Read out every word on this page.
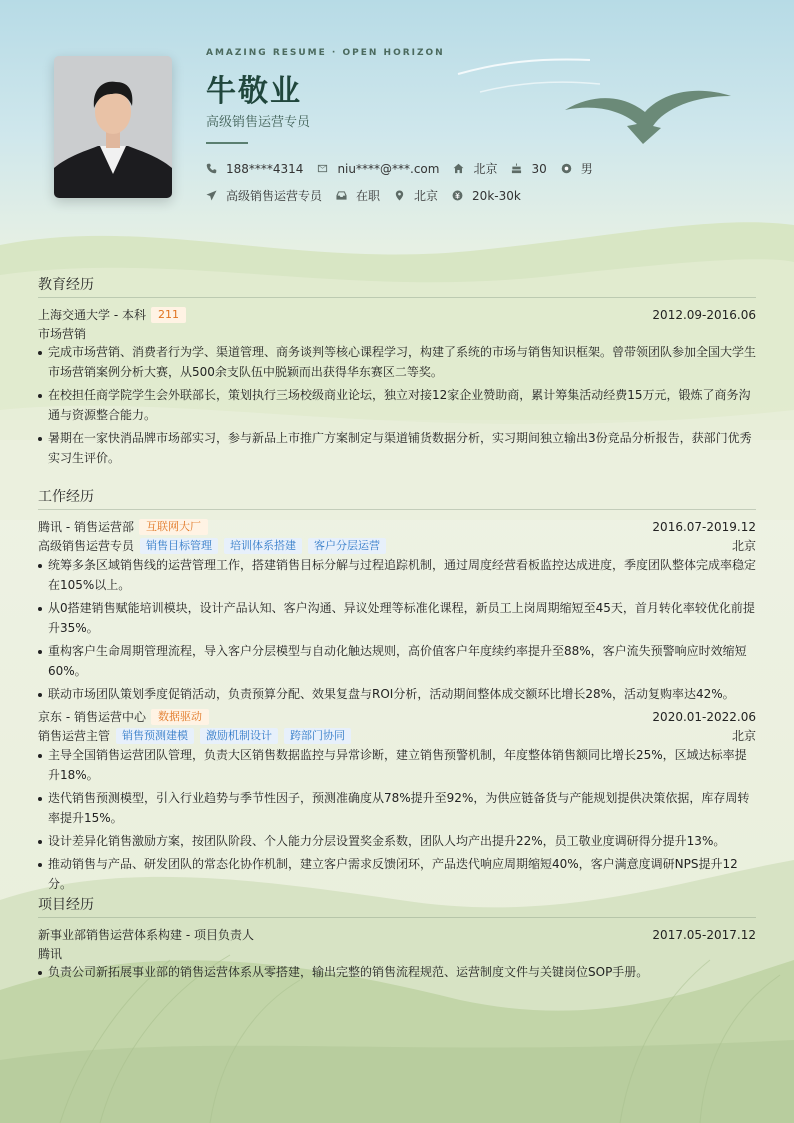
AMAZING RESUME · OPEN HORIZON
牛敬业
高级销售运营专员
188****4314	niu****@***.com	北京	30	男
高级销售运营专员	在职	北京	20k-30k
教育经历
上海交通大学 - 本科	211	2012.09-2016.06
市场营销
完成市场营销、消费者行为学、渠道管理、商务谈判等核心课程学习，构建了系统的市场与销售知识框架。曾带领团队参加全国大学生市场营销案例分析大赛，从500余支队伍中脱颖而出获得华东赛区二等奖。
在校担任商学院学生会外联部长，策划执行三场校级商业论坛，独立对接12家企业赞助商，累计筹集活动经费15万元，锻炼了商务沟通与资源整合能力。
暑期在一家快消品牌市场部实习，参与新品上市推广方案制定与渠道铺货数据分析，实习期间独立输出3份竞品分析报告，获部门优秀实习生评价。
工作经历
腾讯 - 销售运营部	互联网大厂	2016.07-2019.12
高级销售运营专员	销售目标管理	培训体系搭建	客户分层运营	北京
统筹多条区域销售线的运营管理工作，搭建销售目标分解与过程追踪机制，通过周度经营看板监控达成进度，季度团队整体完成率稳定在105%以上。
从0搭建销售赋能培训模块，设计产品认知、客户沟通、异议处理等标准化课程，新员工上岗周期缩短至45天，首月转化率较优化前提升35%。
重构客户生命周期管理流程，导入客户分层模型与自动化触达规则，高价值客户年度续约率提升至88%，客户流失预警响应时效缩短60%。
联动市场团队策划季度促销活动，负责预算分配、效果复盘与ROI分析，活动期间整体成交额环比增长28%，活动复购率达42%。
京东 - 销售运营中心	数据驱动	2020.01-2022.06
销售运营主管	销售预测建模	激励机制设计	跨部门协同	北京
主导全国销售运营团队管理，负责大区销售数据监控与异常诊断，建立销售预警机制，年度整体销售额同比增长25%，区域达标率提升18%。
迭代销售预测模型，引入行业趋势与季节性因子，预测准确度从78%提升至92%，为供应链备货与产能规划提供决策依据，库存周转率提升15%。
设计差异化销售激励方案，按团队阶段、个人能力分层设置奖金系数，团队人均产出提升22%，员工敬业度调研得分提升13%。
推动销售与产品、研发团队的常态化协作机制，建立客户需求反馈闭环，产品迭代响应周期缩短40%，客户满意度调研NPS提升12分。
项目经历
新事业部销售运营体系构建 - 项目负责人	2017.05-2017.12
腾讯
负责公司新拓展事业部的销售运营体系从零搭建，输出完整的销售流程规范、运营制度文件与关键岗位SOP手册。
